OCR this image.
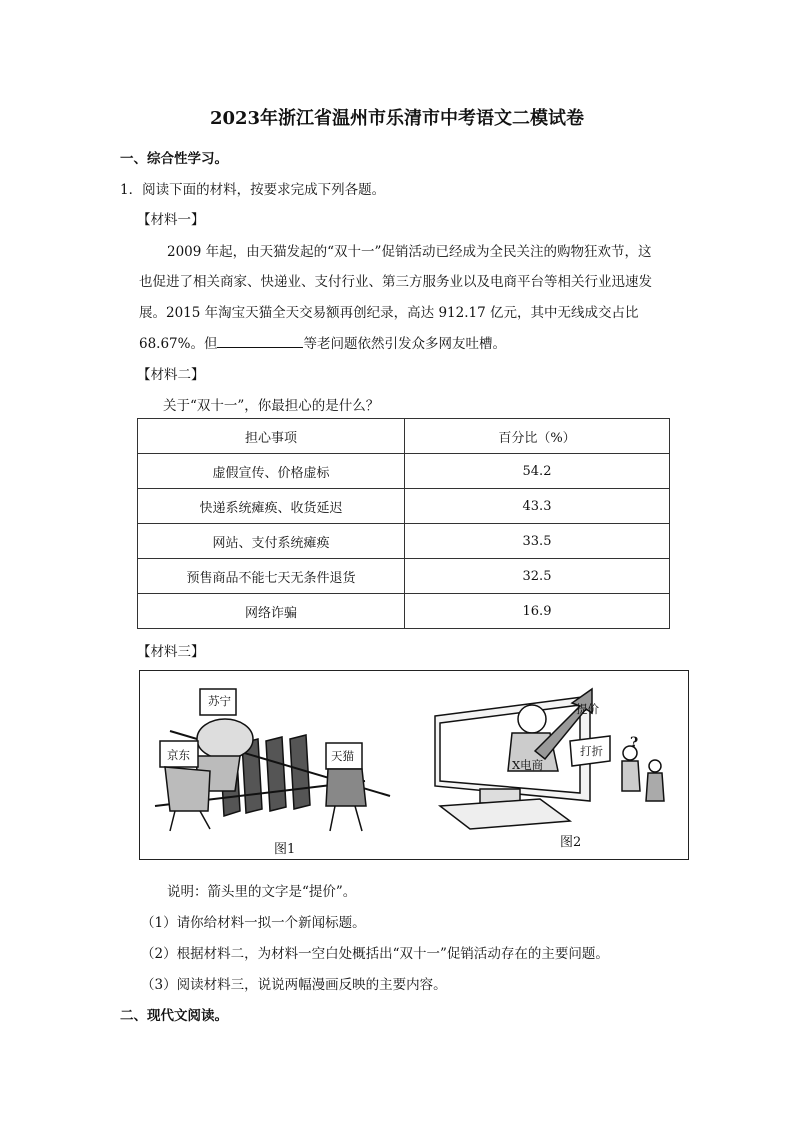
2023年浙江省温州市乐清市中考语文二模试卷
一、综合性学习。
1．阅读下面的材料，按要求完成下列各题。
【材料一】
2009 年起，由天猫发起的“双十一”促销活动已经成为全民关注的购物狂欢节，这
也促进了相关商家、快递业、支付行业、第三方服务业以及电商平台等相关行业迅速发
展。2015 年淘宝天猫全天交易额再创纪录，高达 912.17 亿元，其中无线成交占比
68.67%。但	等老问题依然引发众多网友吐槽。
【材料二】
关于“双十一”，你最担心的是什么？
担心事项	百分比（%）
虚假宣传、价格虚标	54.2
快递系统瘫痪、收货延迟	43.3
网站、支付系统瘫痪	33.5
预售商品不能七天无条件退货	32.5
网络诈骗	16.9
【材料三】
苏宁
京东	天猫
X电商
提价
打折 ?
图1	图2
说明：箭头里的文字是“提价”。
（1）请你给材料一拟一个新闻标题。
（2）根据材料二，为材料一空白处概括出“双十一”促销活动存在的主要问题。
（3）阅读材料三，说说两幅漫画反映的主要内容。
二、现代文阅读。
